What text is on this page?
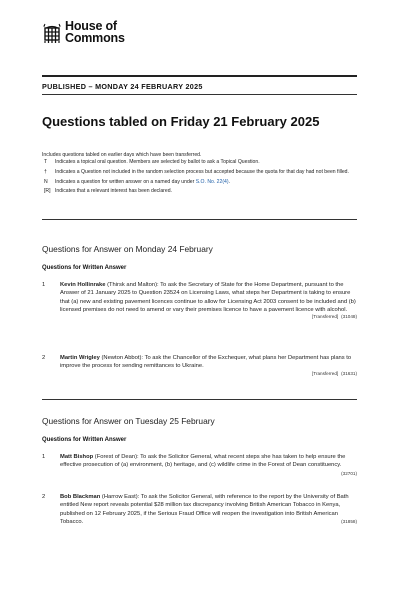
House of
Commons
PUBLISHED – MONDAY 24 FEBRUARY 2025
Questions tabled on Friday 21 February 2025
Includes questions tabled on earlier days which have been transferred.
T	Indicates a topical oral question. Members are selected by ballot to ask a Topical Question.
†	Indicates a Question not included in the random selection process but accepted because the quota for that day had not been filled.
N	Indicates a question for written answer on a named day under S.O. No. 22(4).
[R] Indicates that a relevant interest has been declared.
Questions for Answer on Monday 24 February
Questions for Written Answer
1	Kevin Hollinrake (Thirsk and Malton): To ask the Secretary of State for the Home Department, pursuant to the Answer of 21 January 2025 to Question 23524 on Licensing Laws, what steps her Department is taking to ensure that (a) new and existing pavement licences continue to allow for Licensing Act 2003 consent to be included and (b) licensed premises do not need to amend or vary their premises licence to have a pavement licence with alcohol.
[Transferred] (31048)
2	Martin Wrigley (Newton Abbot): To ask the Chancellor of the Exchequer, what plans her Department has plans to improve the process for sending remittances to Ukraine.
[Transferred] (31631)
Questions for Answer on Tuesday 25 February
Questions for Written Answer
1	Matt Bishop (Forest of Dean): To ask the Solicitor General, what recent steps she has taken to help ensure the effective prosecution of (a) environment, (b) heritage, and (c) wildlife crime in the Forest of Dean constituency.
(32701)
2	Bob Blackman (Harrow East): To ask the Solicitor General, with reference to the report by the University of Bath entitled New report reveals potential $28 million tax discrepancy involving British American Tobacco in Kenya, published on 12 February 2025, if the Serious Fraud Office will reopen the investigation into British American Tobacco.	(31858)
